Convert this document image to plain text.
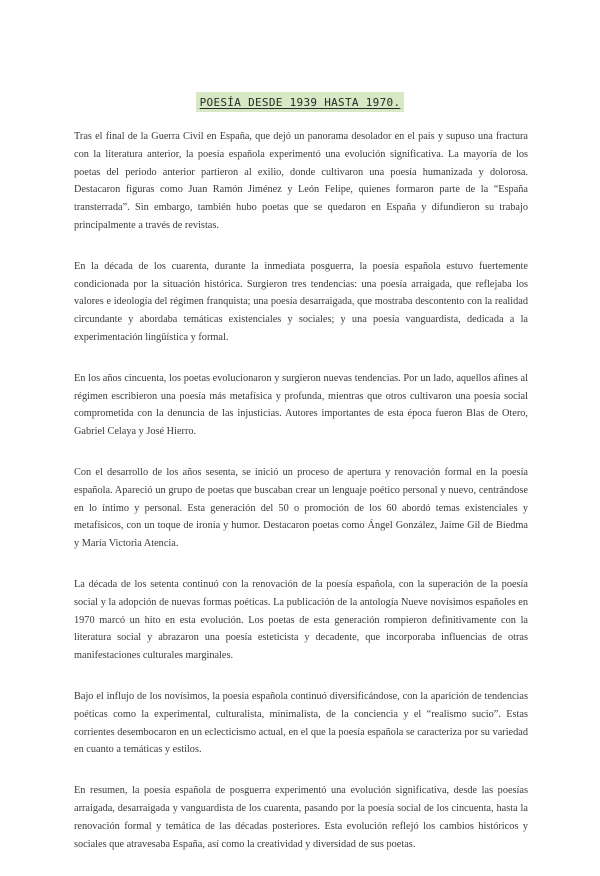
POESÍA DESDE 1939 HASTA 1970.

Tras el final de la Guerra Civil en España, que dejó un panorama desolador en el país y supuso una fractura con la literatura anterior, la poesía española experimentó una evolución significativa. La mayoría de los poetas del periodo anterior partieron al exilio, donde cultivaron una poesía humanizada y dolorosa. Destacaron figuras como Juan Ramón Jiménez y León Felipe, quienes formaron parte de la “España transterrada”. Sin embargo, también hubo poetas que se quedaron en España y difundieron su trabajo principalmente a través de revistas.

En la década de los cuarenta, durante la inmediata posguerra, la poesía española estuvo fuertemente condicionada por la situación histórica. Surgieron tres tendencias: una poesía arraigada, que reflejaba los valores e ideología del régimen franquista; una poesía desarraigada, que mostraba descontento con la realidad circundante y abordaba temáticas existenciales y sociales; y una poesía vanguardista, dedicada a la experimentación lingüística y formal.

En los años cincuenta, los poetas evolucionaron y surgieron nuevas tendencias. Por un lado, aquellos afines al régimen escribieron una poesía más metafísica y profunda, mientras que otros cultivaron una poesía social comprometida con la denuncia de las injusticias. Autores importantes de esta época fueron Blas de Otero, Gabriel Celaya y José Hierro.

Con el desarrollo de los años sesenta, se inició un proceso de apertura y renovación formal en la poesía española. Apareció un grupo de poetas que buscaban crear un lenguaje poético personal y nuevo, centrándose en lo íntimo y personal. Esta generación del 50 o promoción de los 60 abordó temas existenciales y metafísicos, con un toque de ironía y humor. Destacaron poetas como Ángel González, Jaime Gil de Biedma y María Victoria Atencia.

La década de los setenta continuó con la renovación de la poesía española, con la superación de la poesía social y la adopción de nuevas formas poéticas. La publicación de la antología Nueve novísimos españoles en 1970 marcó un hito en esta evolución. Los poetas de esta generación rompieron definitivamente con la literatura social y abrazaron una poesía esteticista y decadente, que incorporaba influencias de otras manifestaciones culturales marginales.

Bajo el influjo de los novísimos, la poesía española continuó diversificándose, con la aparición de tendencias poéticas como la experimental, culturalista, minimalista, de la conciencia y el “realismo sucio”. Estas corrientes desembocaron en un eclecticismo actual, en el que la poesía española se caracteriza por su variedad en cuanto a temáticas y estilos.

En resumen, la poesía española de posguerra experimentó una evolución significativa, desde las poesías arraigada, desarraigada y vanguardista de los cuarenta, pasando por la poesía social de los cincuenta, hasta la renovación formal y temática de las décadas posteriores. Esta evolución reflejó los cambios históricos y sociales que atravesaba España, así como la creatividad y diversidad de sus poetas.
